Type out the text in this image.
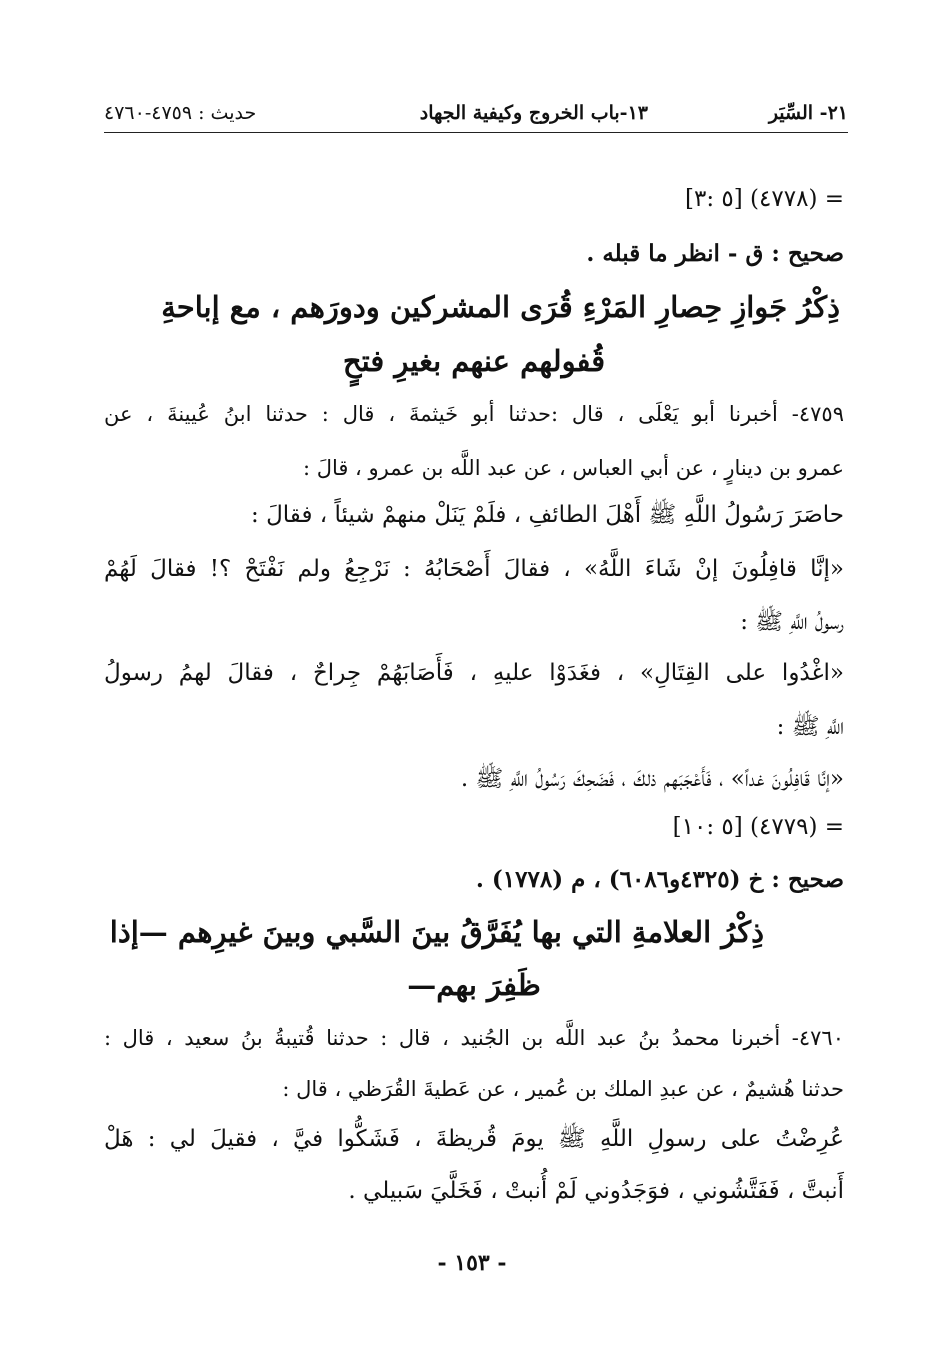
٢١- السِّيَر
١٣-باب الخروج وكيفية الجهاد
حديث : ٤٧٥٩-٤٧٦٠
= (٤٧٧٨) [٥ :٣]
صحيح : ق - انظر ما قبله .
ذِكْرُ جَوازِ حِصارِ المَرْءِ قُرَى المشركين ودورَهم ، مع إباحةِ
قُفولهم عنهم بغيرِ فتحٍ
٤٧٥٩- أخبرنا أبو يَعْلَى ، قال :حدثنا أبو خَيثمةَ ، قال : حدثنا ابنُ عُيينةَ ، عن
عمرو بن دينارٍ ، عن أبي العباس ، عن عبد اللَّه بن عمرو ، قالَ :
حاصَرَ رَسُولُ اللَّهِ ﷺ أَهْلَ الطائفِ ، فلَمْ يَنَلْ منهمْ شيئاً ، فقالَ :
«إنَّا قافِلُونَ إنْ شَاءَ اللَّهُ» ، فقالَ أَصْحَابُهُ : نَرْجِعُ ولم نَفْتَحْ ؟! فقالَ لَهُمْ
رسولُ اللَّهِ ﷺ :
«اغْدُوا على القِتَالِ» ، فغَدَوْا عليهِ ، فَأَصَابَهُمْ جِراحٌ ، فقالَ لهمُ رسولُ
اللَّهِ ﷺ :
«إنَّا قَافِلُونَ غداً» ، فَأَعْجَبَهم ذلكَ ، فَضَحِكَ رَسُولُ اللَّهِ ﷺ .
= (٤٧٧٩) [٥ :١٠]
صحيح : خ (٤٣٢٥و٦٠٨٦) ، م (١٧٧٨) .
ذِكْرُ العلامةِ التي بها يُفَرَّقُ بينَ السَّبي وبينَ غيرِهم —إذا
ظَفِرَ بهم—
٤٧٦٠- أخبرنا محمدُ بنُ عبد اللَّه بن الجُنيد ، قال : حدثنا قُتيبةُ بنُ سعيد ، قال :
حدثنا هُشيمٌ ، عن عبدِ الملك بن عُمير ، عن عَطيةَ القُرَظي ، قال :
عُرِضْتُ على رسولِ اللَّهِ ﷺ يومَ قُريظةَ ، فَشَكُّوا فيَّ ، فقيلَ لي : هَلْ
أَنبتَّ ، فَفَتَّشُوني ، فوَجَدُوني لَمْ أُنبتْ ، فَخَلَّيَ سَبيلي .
- ١٥٣ -
